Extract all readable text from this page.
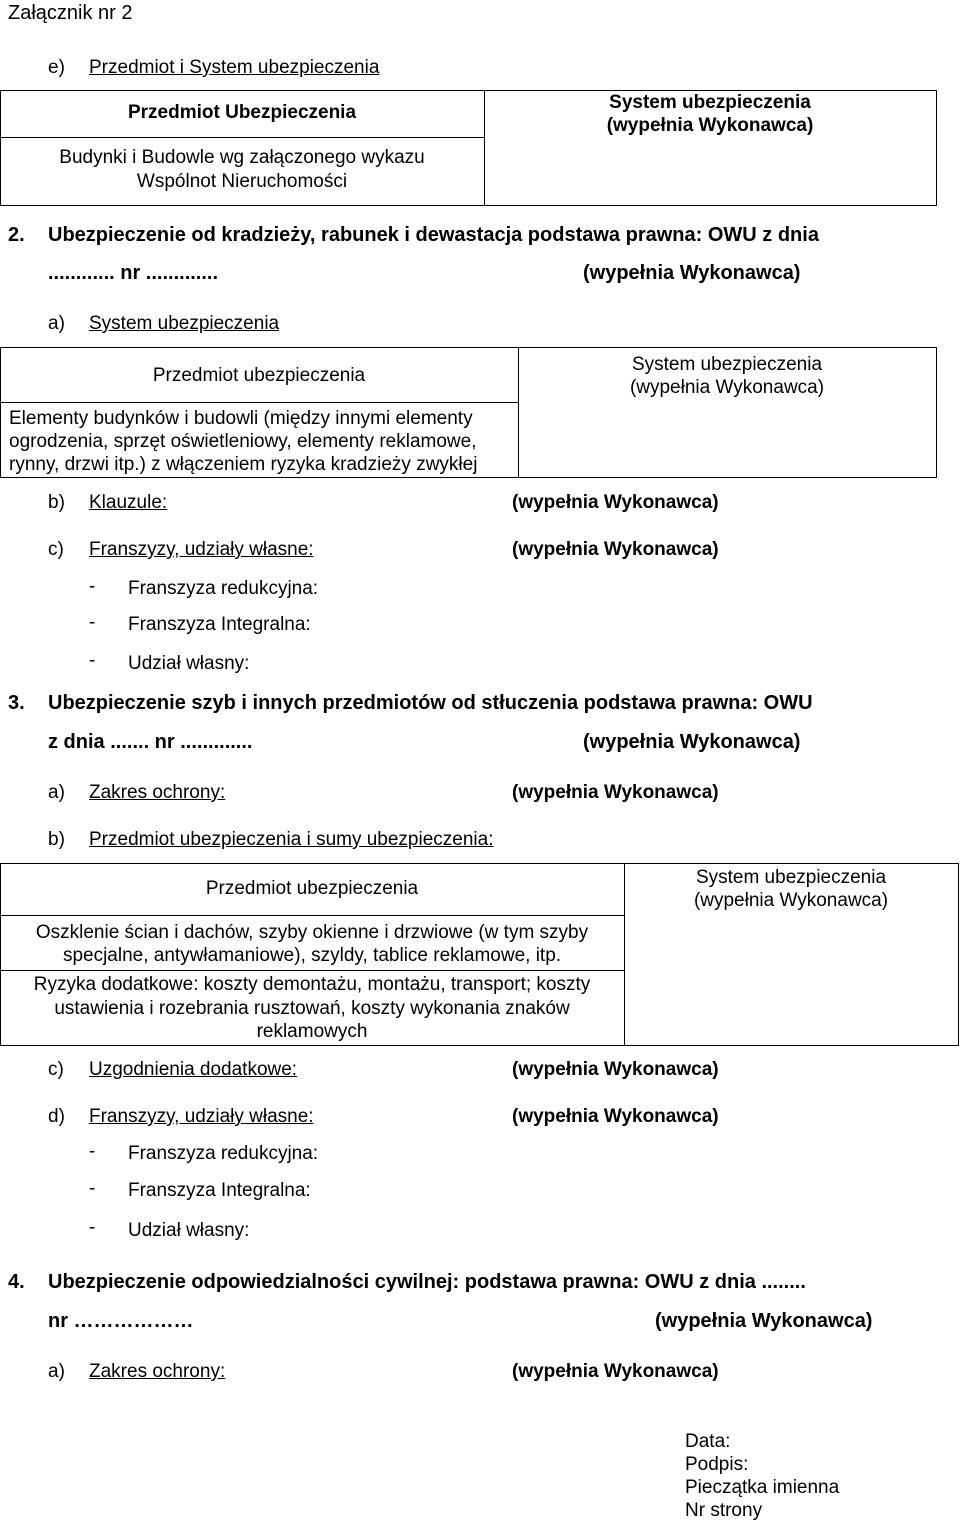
Załącznik nr 2
e) Przedmiot i System ubezpieczenia
Przedmiot Ubezpieczenia	System ubezpieczenia
(wypełnia Wykonawca)
Budynki i Budowle wg załączonego wykazu
Wspólnot Nieruchomości
2. Ubezpieczenie od kradzieży, rabunek i dewastacja podstawa prawna: OWU z dnia
............ nr .............	(wypełnia Wykonawca)
a) System ubezpieczenia
Przedmiot ubezpieczenia
System ubezpieczenia
(wypełnia Wykonawca)
Elementy budynków i budowli (między innymi elementy
ogrodzenia, sprzęt oświetleniowy, elementy reklamowe,
rynny, drzwi itp.) z włączeniem ryzyka kradzieży zwykłej
b) Klauzule:	(wypełnia Wykonawca)
c) Franszyzy, udziały własne:	(wypełnia Wykonawca)
- Franszyza redukcyjna:
- Franszyza Integralna:
- Udział własny:
3. Ubezpieczenie szyb i innych przedmiotów od stłuczenia podstawa prawna: OWU
z dnia ....... nr .............	(wypełnia Wykonawca)
a) Zakres ochrony:	(wypełnia Wykonawca)
b) Przedmiot ubezpieczenia i sumy ubezpieczenia:
Przedmiot ubezpieczenia
System ubezpieczenia
(wypełnia Wykonawca)
Oszklenie ścian i dachów, szyby okienne i drzwiowe (w tym szyby
specjalne, antywłamaniowe), szyldy, tablice reklamowe, itp.
Ryzyka dodatkowe: koszty demontażu, montażu, transport; koszty
ustawienia i rozebrania rusztowań, koszty wykonania znaków
reklamowych
c) Uzgodnienia dodatkowe:	(wypełnia Wykonawca)
d) Franszyzy, udziały własne:	(wypełnia Wykonawca)
- Franszyza redukcyjna:
- Franszyza Integralna:
- Udział własny:
4. Ubezpieczenie odpowiedzialności cywilnej: podstawa prawna: OWU z dnia ........
nr ………………	(wypełnia Wykonawca)
a) Zakres ochrony:	(wypełnia Wykonawca)
Data:
Podpis:
Pieczątka imienna
Nr strony
